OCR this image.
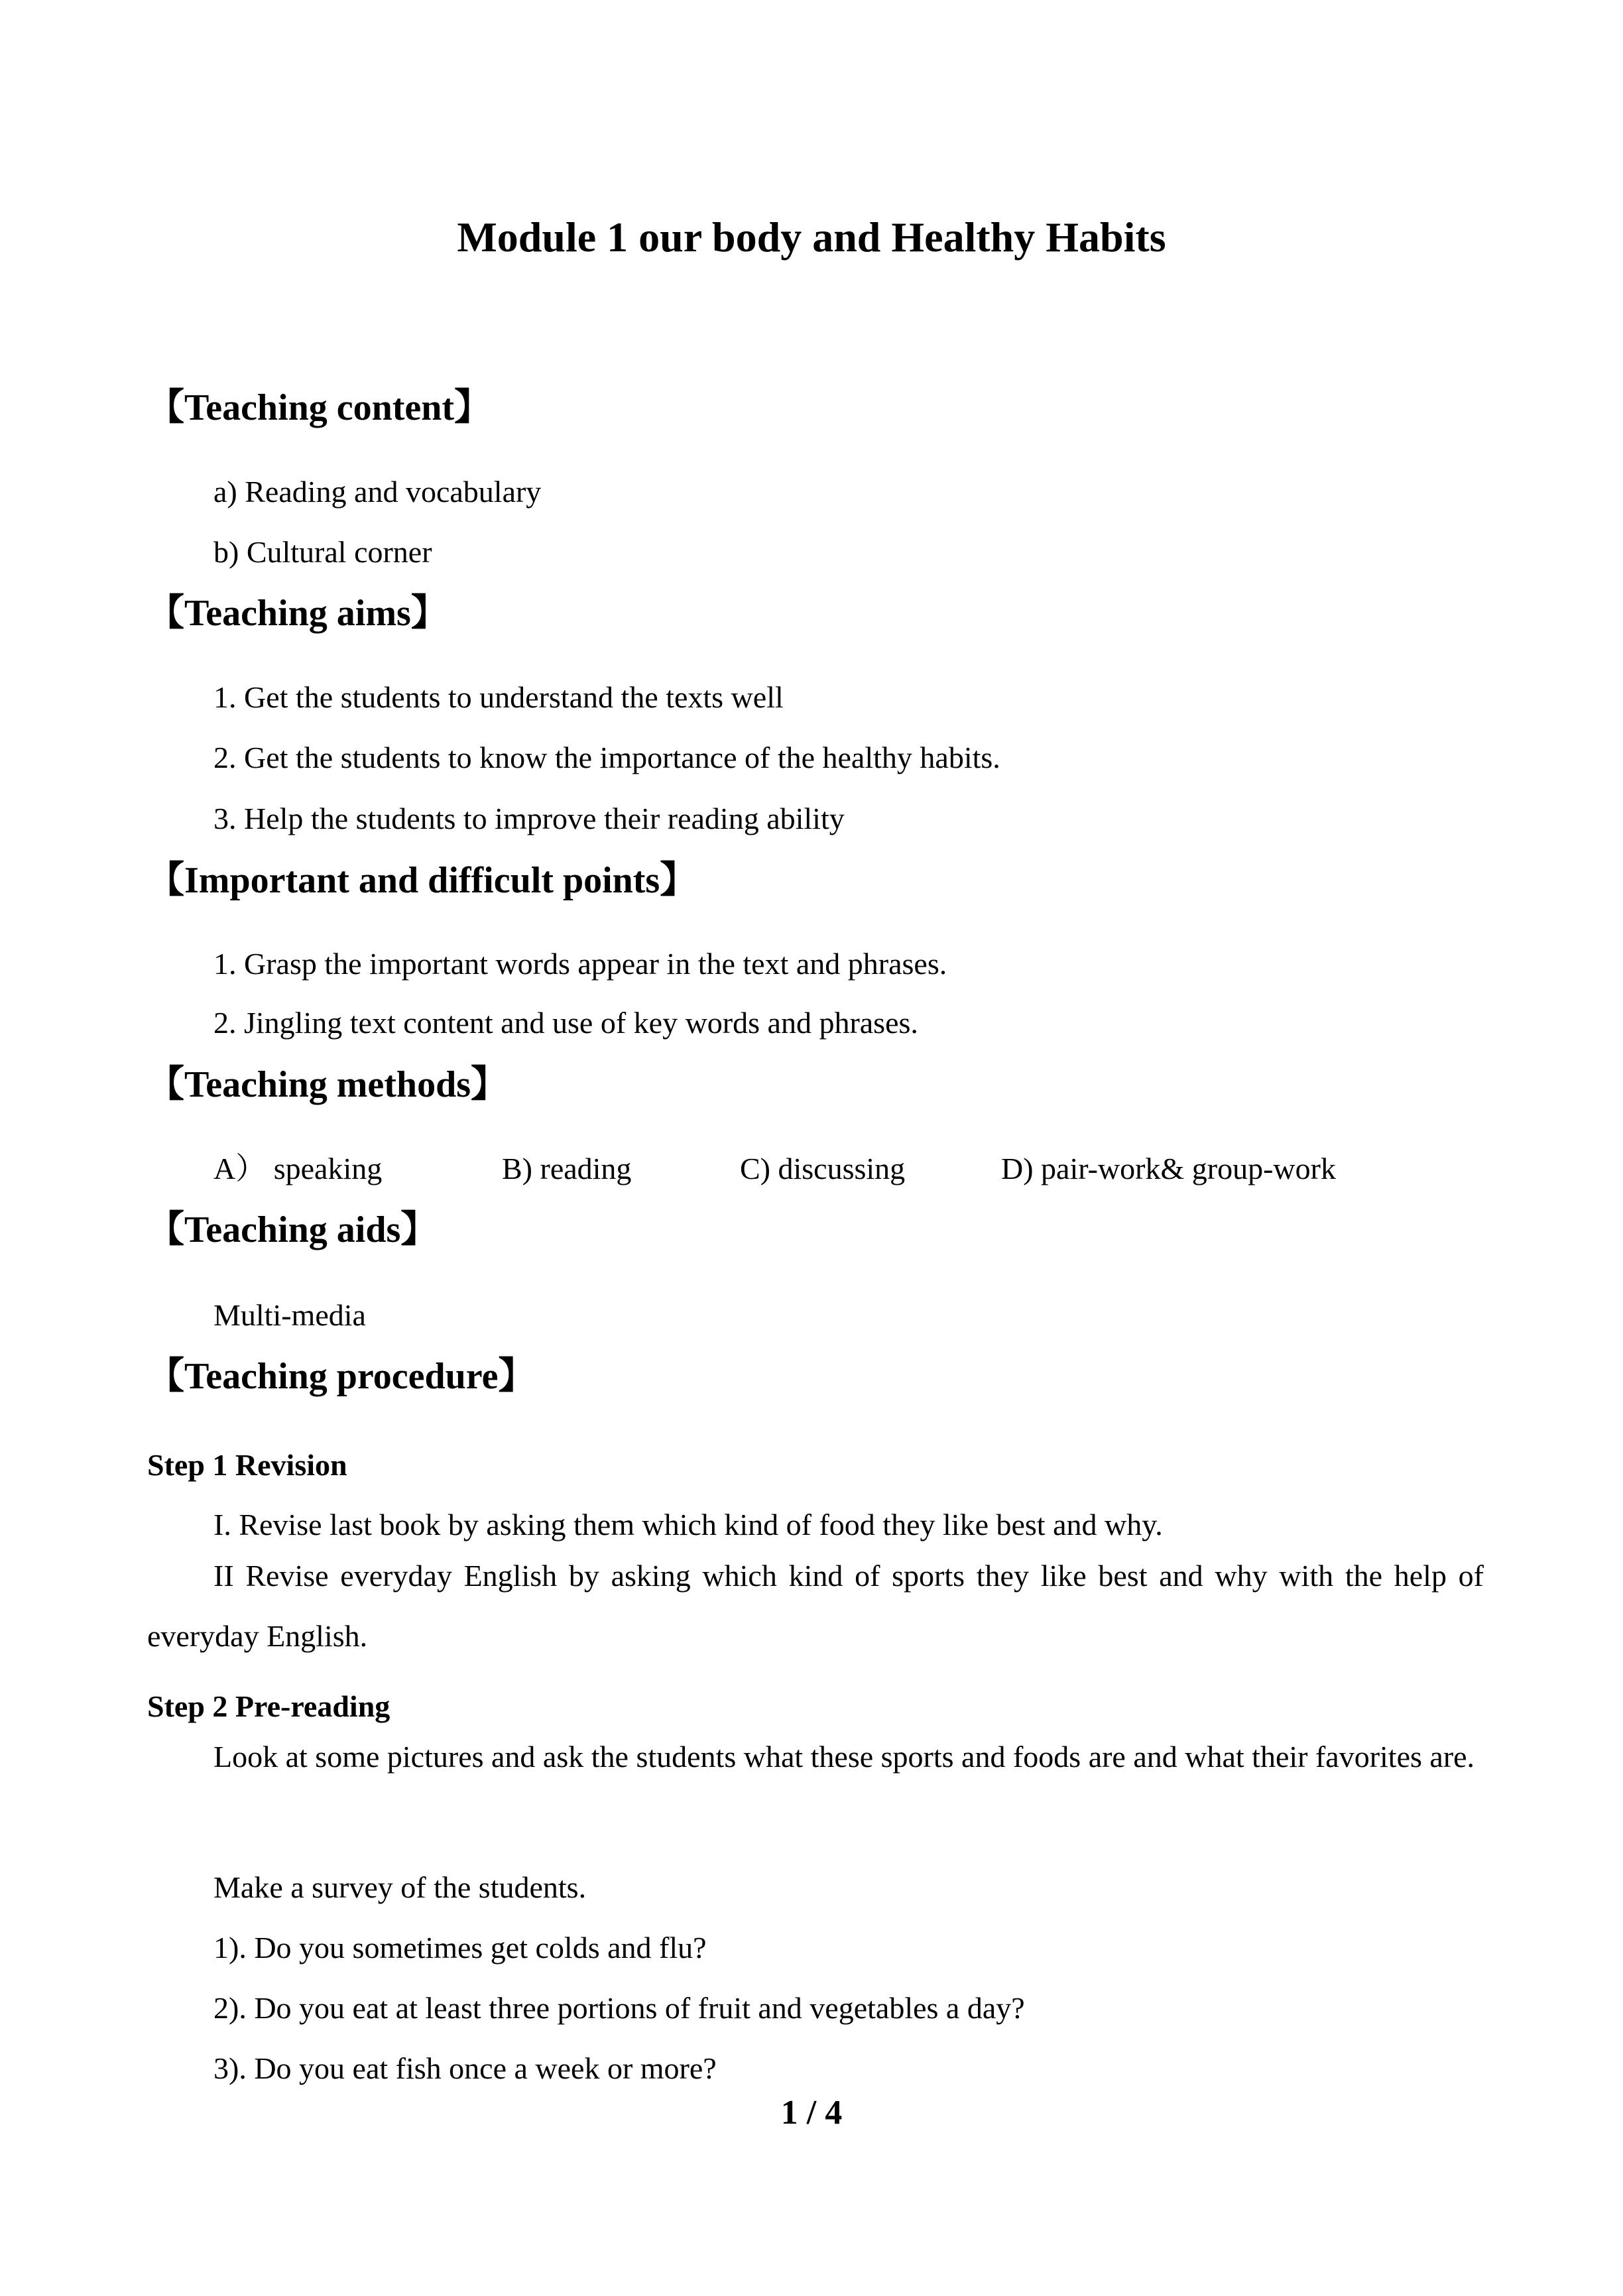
Module 1 our body and Healthy Habits
【Teaching content】
a) Reading and vocabulary
b) Cultural corner
【Teaching aims】
1. Get the students to understand the texts well
2. Get the students to know the importance of the healthy habits.
3. Help the students to improve their reading ability
【Important and difficult points】
1. Grasp the important words appear in the text and phrases.
2. Jingling text content and use of key words and phrases.
【Teaching methods】
A） speaking	B) reading	C) discussing	D) pair-work& group-work
【Teaching aids】
Multi-media
【Teaching procedure】
Step 1 Revision
I. Revise last book by asking them which kind of food they like best and why.

II Revise everyday English by asking which kind of sports they like best and why with the help of everyday English.

Step 2 Pre-reading

Look at some pictures and ask the students what these sports and foods are and what their favorites are.

Make a survey of the students.
1). Do you sometimes get colds and flu?
2). Do you eat at least three portions of fruit and vegetables a day?
3). Do you eat fish once a week or more?
1 / 4
